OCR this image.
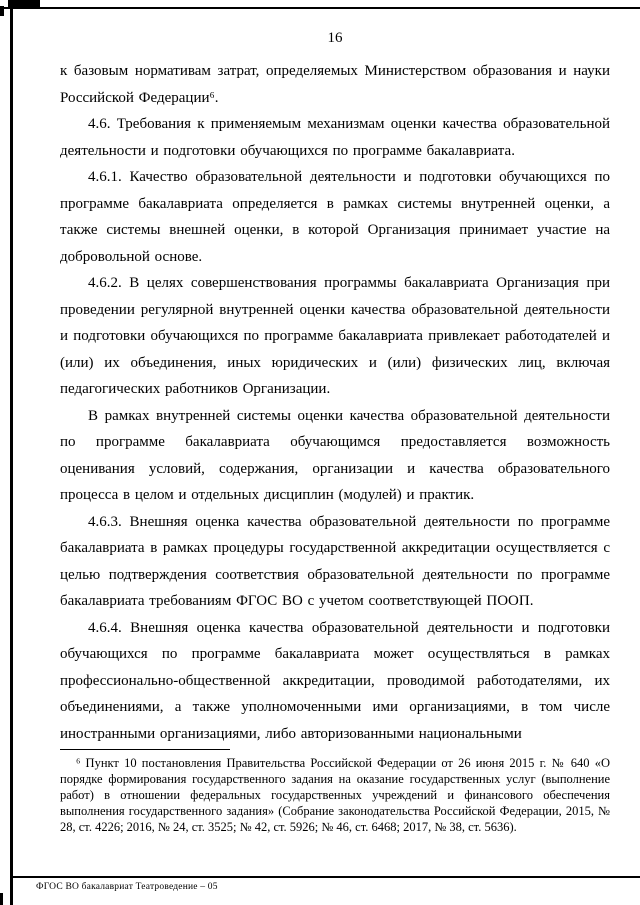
16

к базовым нормативам затрат, определяемых Министерством образования и науки Российской Федерации⁶.

4.6. Требования к применяемым механизмам оценки качества образовательной деятельности и подготовки обучающихся по программе бакалавриата.

4.6.1. Качество образовательной деятельности и подготовки обучающихся по программе бакалавриата определяется в рамках системы внутренней оценки, а также системы внешней оценки, в которой Организация принимает участие на добровольной основе.

4.6.2. В целях совершенствования программы бакалавриата Организация при проведении регулярной внутренней оценки качества образовательной деятельности и подготовки обучающихся по программе бакалавриата привлекает работодателей и (или) их объединения, иных юридических и (или) физических лиц, включая педагогических работников Организации.

В рамках внутренней системы оценки качества образовательной деятельности по программе бакалавриата обучающимся предоставляется возможность оценивания условий, содержания, организации и качества образовательного процесса в целом и отдельных дисциплин (модулей) и практик.

4.6.3. Внешняя оценка качества образовательной деятельности по программе бакалавриата в рамках процедуры государственной аккредитации осуществляется с целью подтверждения соответствия образовательной деятельности по программе бакалавриата требованиям ФГОС ВО с учетом соответствующей ПООП.

4.6.4. Внешняя оценка качества образовательной деятельности и подготовки обучающихся по программе бакалавриата может осуществляться в рамках профессионально-общественной аккредитации, проводимой работодателями, их объединениями, а также уполномоченными ими организациями, в том числе иностранными организациями, либо авторизованными национальными

⁶ Пункт 10 постановления Правительства Российской Федерации от 26 июня 2015 г. № 640 «О порядке формирования государственного задания на оказание государственных услуг (выполнение работ) в отношении федеральных государственных учреждений и финансового обеспечения выполнения государственного задания» (Собрание законодательства Российской Федерации, 2015, № 28, ст. 4226; 2016, № 24, ст. 3525; № 42, ст. 5926; № 46, ст. 6468; 2017, № 38, ст. 5636).

ФГОС ВО бакалавриат Театроведение – 05
